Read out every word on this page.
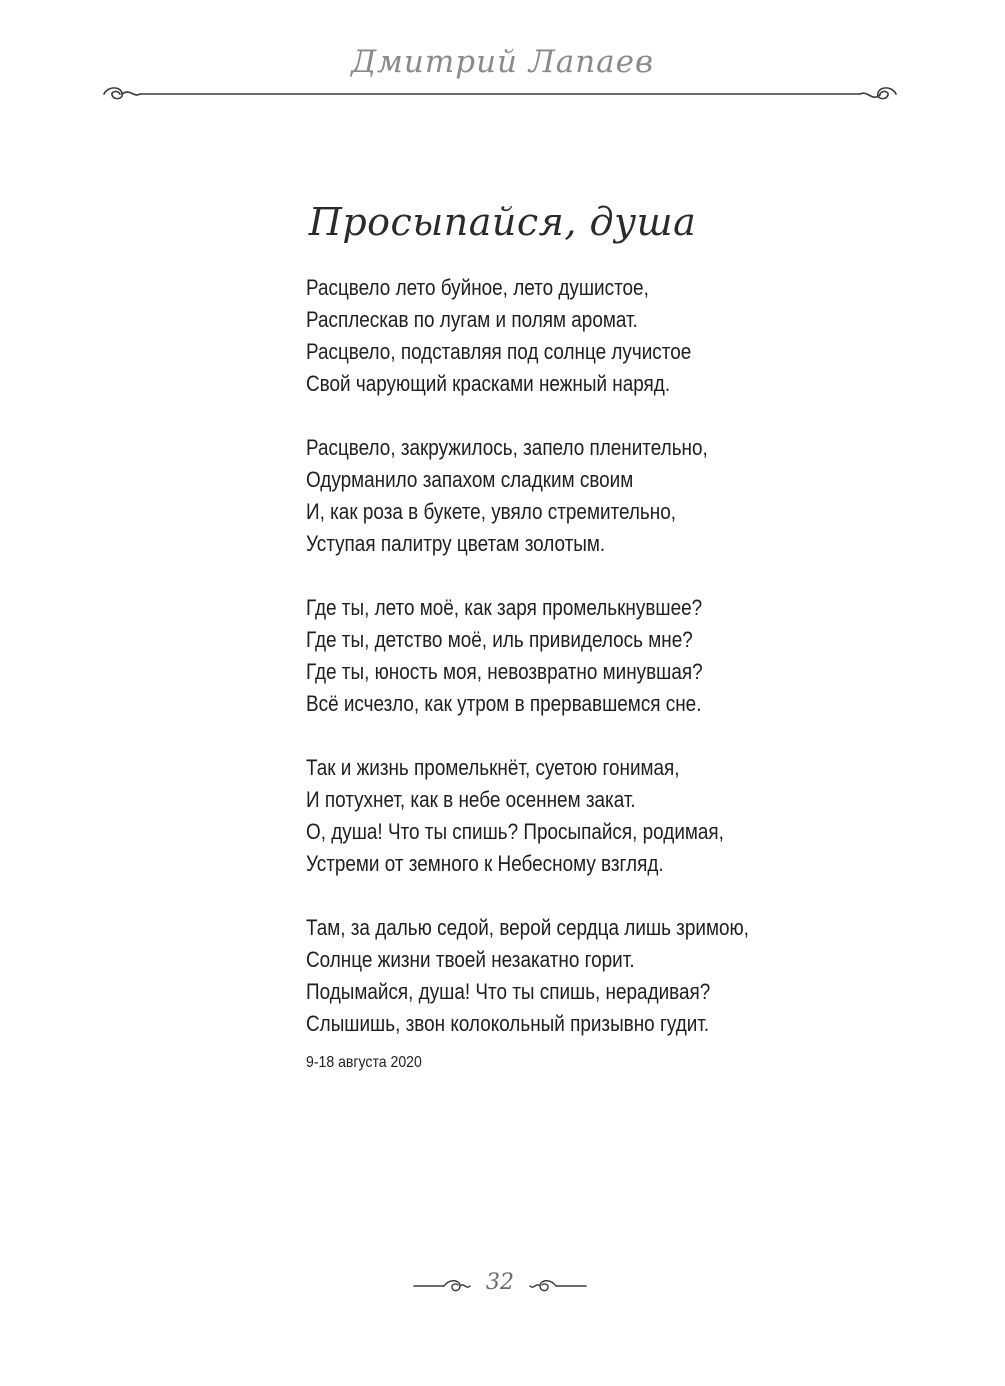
Дмитрий Лапаев
Просыпайся, душа
Расцвело лето буйное, лето душистое,
Расплескав по лугам и полям аромат.
Расцвело, подставляя под солнце лучистое
Свой чарующий красками нежный наряд.
Расцвело, закружилось, запело пленительно,
Одурманило запахом сладким своим
И, как роза в букете, увяло стремительно,
Уступая палитру цветам золотым.
Где ты, лето моё, как заря промелькнувшее?
Где ты, детство моё, иль привиделось мне?
Где ты, юность моя, невозвратно минувшая?
Всё исчезло, как утром в прервавшемся сне.
Так и жизнь промелькнёт, суетою гонимая,
И потухнет, как в небе осеннем закат.
О, душа! Что ты спишь? Просыпайся, родимая,
Устреми от земного к Небесному взгляд.
Там, за далью седой, верой сердца лишь зримою,
Солнце жизни твоей незакатно горит.
Подымайся, душа! Что ты спишь, нерадивая?
Слышишь, звон колокольный призывно гудит.
9-18 августа 2020
32
